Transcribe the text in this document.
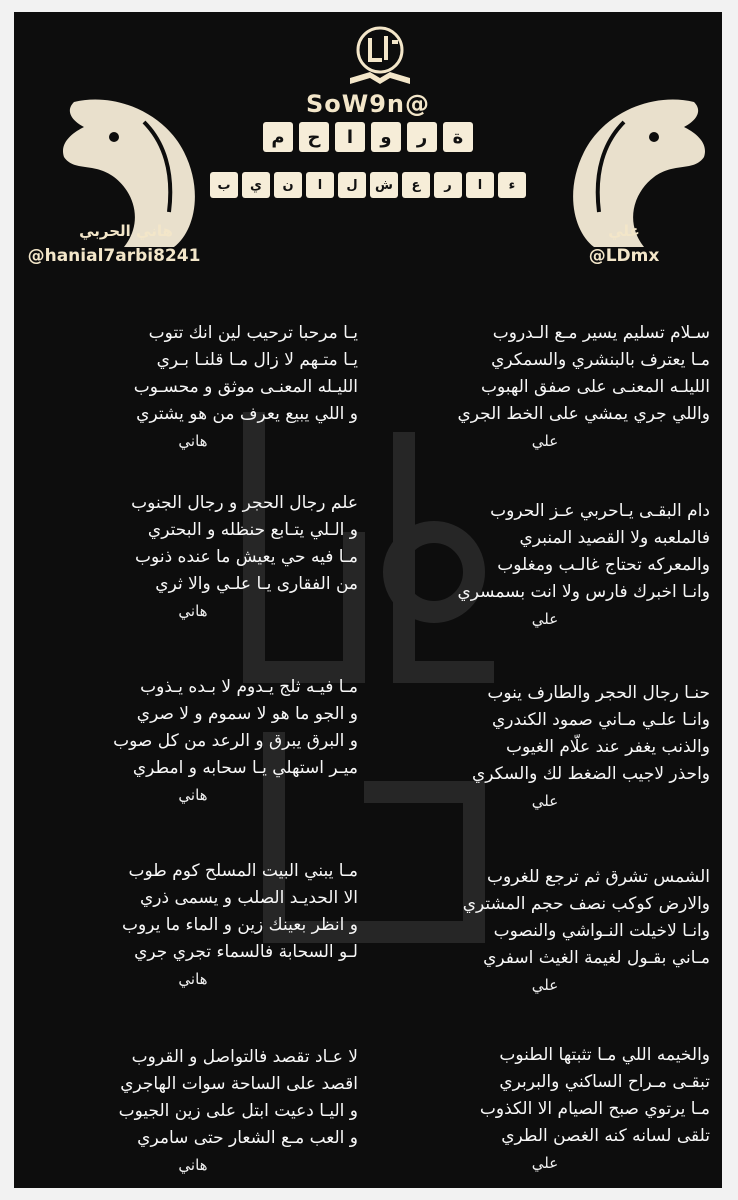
SoW9n@
م	ح	ا	و	ر	ة
ب	ي	ن	ا	ل	ش	ع	ر	ا	ء
هاني الحربي
@hanial7arbi8241
علي
@LDmx

يـا مرحبا ترحيب لين انك تتوب

يـا متـهم لا زال مـا قلنـا بـري

الليـله المعنـى موثق و محسـوب

و اللي يبيع يعرف من هو يشتري

هاني

علم رجال الحجر و رجال الجنوب

و الـلي يتـابع حنظله و البحتري

مـا فيه حي يعيش ما عنده ذنوب

من الفقارى يـا علـي والا ثري

هاني

مـا فيـه ثلج يـدوم لا بـده يـذوب

و الجو ما هو لا سموم و لا صري

و البرق يبرق و الرعد من كل صوب

ميـر استهلي يـا سحابه و امطري

هاني

مـا يبني البيت المسلح كوم طوب

الا الحديـد الصلب و يسمى ذري

و انظر بعينك زين و الماء ما يروب

لـو السحابة فالسماء تجري جري

هاني

لا عـاد تقصد فالتواصل و القروب

اقصد على الساحة سوات الهاجري

و اليـا دعيت ابتل على زين الجيوب

و العب مـع الشعار حتى سامري

هاني

سـلام تسليم يسير مـع الـدروب

مـا يعترف بالبنشري والسمكري

الليلـه المعنـى على صفق الهبوب

واللي جري يمشي على الخط الجري

علي

دام البقـى يـاحربي عـز الحروب

فالملعبه ولا القصيد المنبري

والمعركه تحتاج غالـب ومغلوب

وانـا اخبرك فارس ولا انت بسمسري

علي

حنـا رجال الحجر والطارف ينوب

وانـا علـي مـاني صمود الكندري

والذنب يغفر عند علّام الغيوب

واحذر لاجيب الضغط لك والسكري

علي

الشمس تشرق ثم ترجع للغروب

والارض كوكب نصف حجم المشتري

وانـا لاخيلت النـواشي والنصوب

مـاني بقـول لغيمة الغيث اسفري

علي

والخيمه اللي مـا تثبتها الطنوب

تبقـى مـراح الساكني والبربري

مـا يرتوي صبح الصيام الا الكذوب

تلقى لسانه كنه الغصن الطري

علي
